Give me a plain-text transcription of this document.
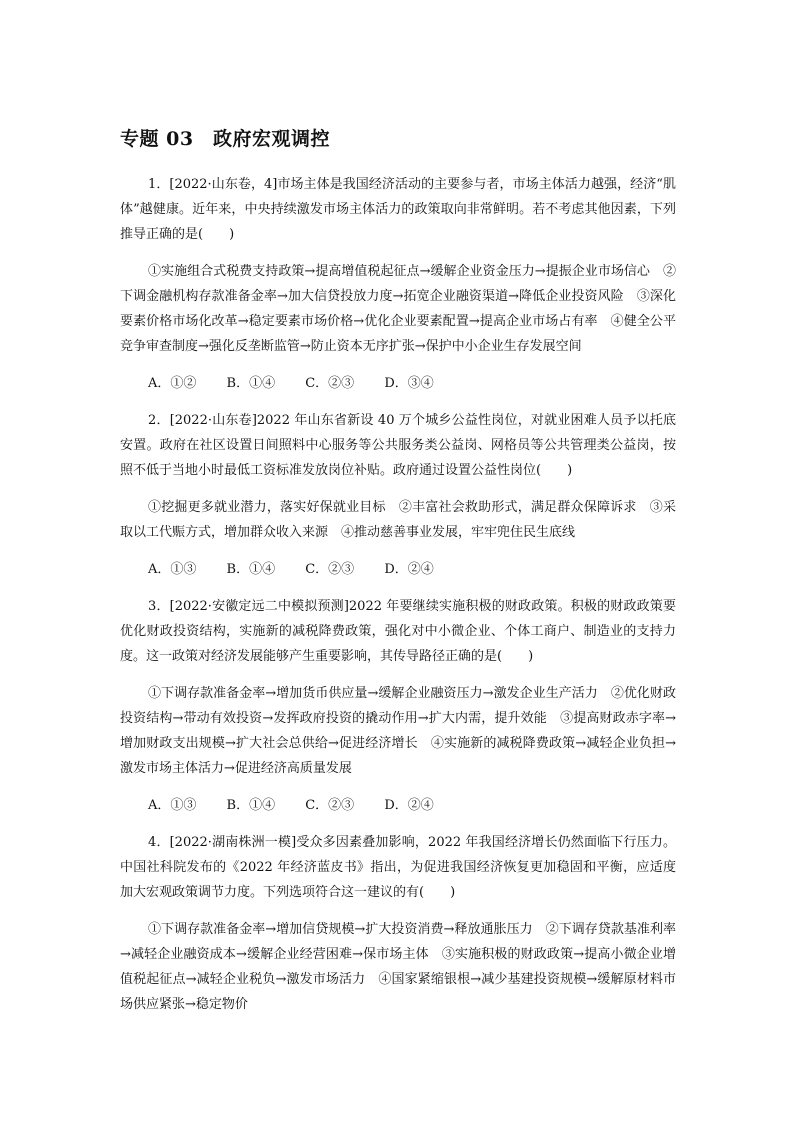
专题 03　政府宏观调控

1．[2022·山东卷，4]市场主体是我国经济活动的主要参与者，市场主体活力越强，经济“肌体”越健康。近年来，中央持续激发市场主体活力的政策取向非常鲜明。若不考虑其他因素，下列推导正确的是(　　)

①实施组合式税费支持政策→提高增值税起征点→缓解企业资金压力→提振企业市场信心　②下调金融机构存款准备金率→加大信贷投放力度→拓宽企业融资渠道→降低企业投资风险　③深化要素价格市场化改革→稳定要素市场价格→优化企业要素配置→提高企业市场占有率　④健全公平竞争审查制度→强化反垄断监管→防止资本无序扩张→保护中小企业生存发展空间

A．①② B．①④ C．②③ D．③④

2．[2022·山东卷]2022 年山东省新设 40 万个城乡公益性岗位，对就业困难人员予以托底安置。政府在社区设置日间照料中心服务等公共服务类公益岗、网格员等公共管理类公益岗，按照不低于当地小时最低工资标准发放岗位补贴。政府通过设置公益性岗位(　　)

①挖掘更多就业潜力，落实好保就业目标　②丰富社会救助形式，满足群众保障诉求　③采取以工代赈方式，增加群众收入来源　④推动慈善事业发展，牢牢兜住民生底线

A．①③ B．①④ C．②③ D．②④

3．[2022·安徽定远二中模拟预测]2022 年要继续实施积极的财政政策。积极的财政政策要优化财政投资结构，实施新的减税降费政策，强化对中小微企业、个体工商户、制造业的支持力度。这一政策对经济发展能够产生重要影响，其传导路径正确的是(　　)

①下调存款准备金率→增加货币供应量→缓解企业融资压力→激发企业生产活力　②优化财政投资结构→带动有效投资→发挥政府投资的撬动作用→扩大内需，提升效能　③提高财政赤字率→增加财政支出规模→扩大社会总供给→促进经济增长　④实施新的减税降费政策→减轻企业负担→激发市场主体活力→促进经济高质量发展

A．①③ B．①④ C．②③ D．②④

4．[2022·湖南株洲一模]受众多因素叠加影响，2022 年我国经济增长仍然面临下行压力。中国社科院发布的《2022 年经济蓝皮书》指出，为促进我国经济恢复更加稳固和平衡，应适度加大宏观政策调节力度。下列选项符合这一建议的有(　　)

①下调存款准备金率→增加信贷规模→扩大投资消费→释放通胀压力　②下调存贷款基准利率→减轻企业融资成本→缓解企业经营困难→保市场主体　③实施积极的财政政策→提高小微企业增值税起征点→减轻企业税负→激发市场活力　④国家紧缩银根→减少基建投资规模→缓解原材料市场供应紧张→稳定物价
